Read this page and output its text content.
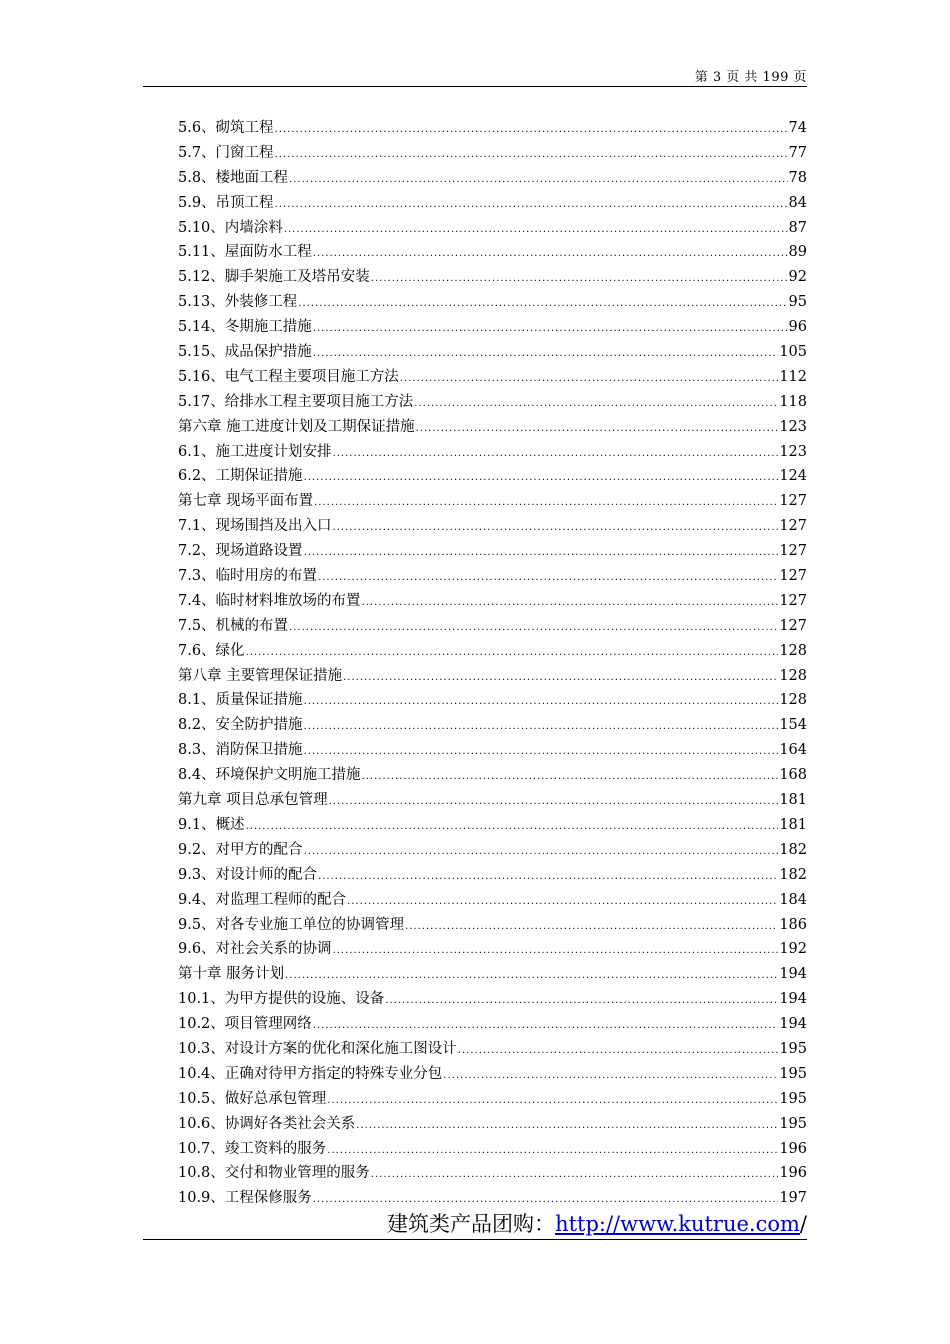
第 3 页 共 199 页
5.6、砌筑工程 .....	74
5.7、门窗工程 .....	77
5.8、楼地面工程 .....	78
5.9、吊顶工程 .....	84
5.10、内墙涂料 .....	87
5.11、屋面防水工程 .....	89
5.12、脚手架施工及塔吊安装 .....	92
5.13、外装修工程 .....	95
5.14、冬期施工措施 .....	96
5.15、成品保护措施 .....	105
5.16、电气工程主要项目施工方法 .....	112
5.17、给排水工程主要项目施工方法 .....	118
第六章 施工进度计划及工期保证措施 .....	123
6.1、施工进度计划安排 .....	123
6.2、工期保证措施 .....	124
第七章 现场平面布置 .....	127
7.1、现场围挡及出入口 .....	127
7.2、现场道路设置 .....	127
7.3、临时用房的布置 .....	127
7.4、临时材料堆放场的布置 .....	127
7.5、机械的布置 .....	127
7.6、绿化 .....	128
第八章 主要管理保证措施 .....	128
8.1、质量保证措施 .....	128
8.2、安全防护措施 .....	154
8.3、消防保卫措施 .....	164
8.4、环境保护文明施工措施 .....	168
第九章 项目总承包管理 .....	181
9.1、概述 .....	181
9.2、对甲方的配合 .....	182
9.3、对设计师的配合 .....	182
9.4、对监理工程师的配合 .....	184
9.5、对各专业施工单位的协调管理 .....	186
9.6、对社会关系的协调 .....	192
第十章 服务计划 .....	194
10.1、为甲方提供的设施、设备 .....	194
10.2、项目管理网络 .....	194
10.3、对设计方案的优化和深化施工图设计 .....	195
10.4、正确对待甲方指定的特殊专业分包 .....	195
10.5、做好总承包管理 .....	195
10.6、协调好各类社会关系 .....	195
10.7、竣工资料的服务 .....	196
10.8、交付和物业管理的服务 .....	196
10.9、工程保修服务 .....	197
建筑类产品团购：http://www.kutrue.com/
